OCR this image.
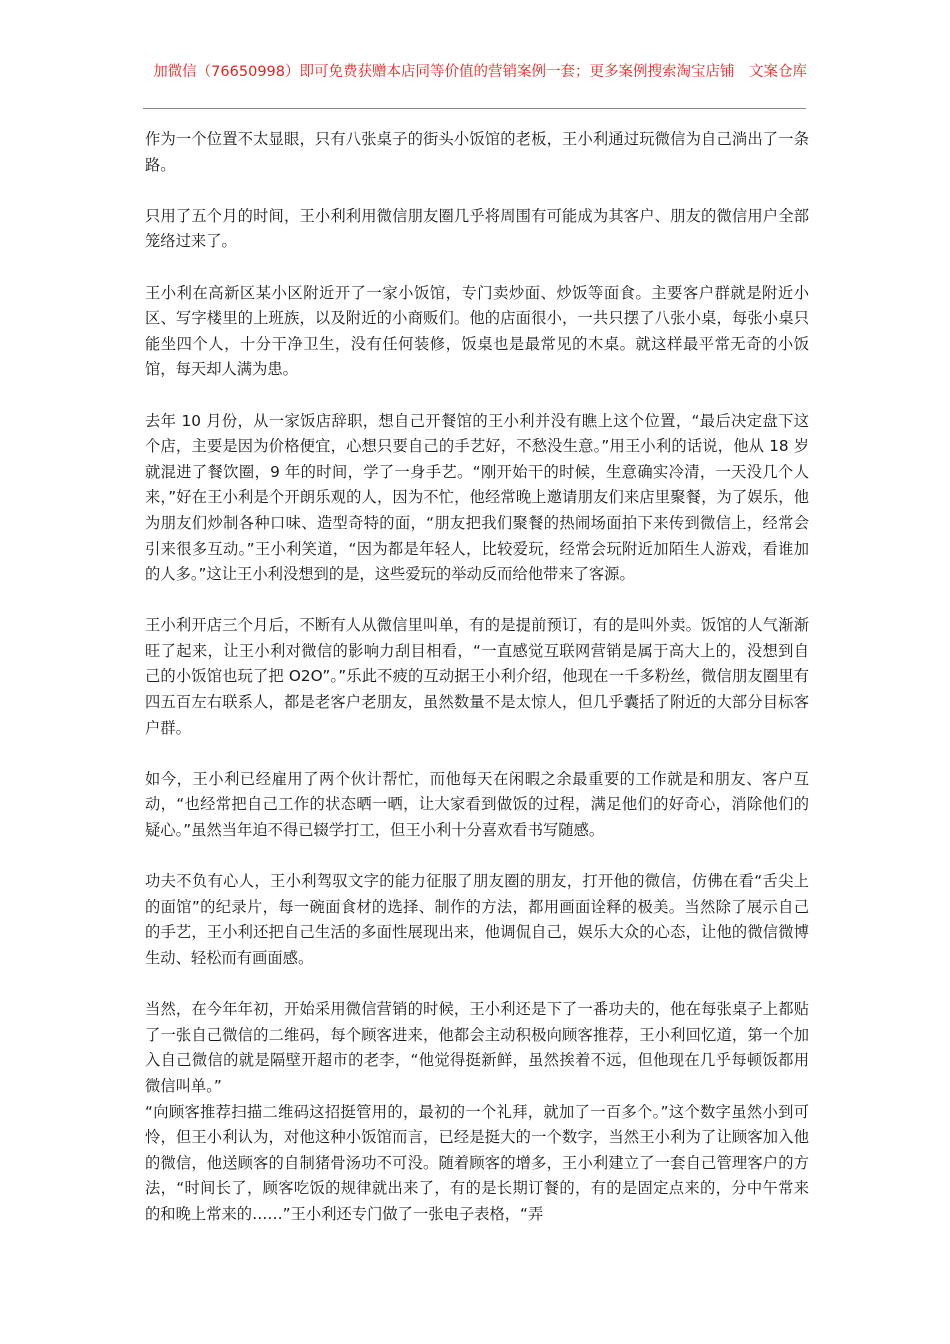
加微信（76650998）即可免费获赠本店同等价值的营销案例一套；更多案例搜索淘宝店铺　文案仓库

作为一个位置不太显眼，只有八张桌子的街头小饭馆的老板，王小利通过玩微信为自己淌出了一条路。

只用了五个月的时间，王小利利用微信朋友圈几乎将周围有可能成为其客户、朋友的微信用户全部笼络过来了。

王小利在高新区某小区附近开了一家小饭馆，专门卖炒面、炒饭等面食。主要客户群就是附近小区、写字楼里的上班族，以及附近的小商贩们。他的店面很小，一共只摆了八张小桌，每张小桌只能坐四个人，十分干净卫生，没有任何装修，饭桌也是最常见的木桌。就这样最平常无奇的小饭馆，每天却人满为患。

去年 10 月份，从一家饭店辞职，想自己开餐馆的王小利并没有瞧上这个位置，“最后决定盘下这个店，主要是因为价格便宜，心想只要自己的手艺好，不愁没生意。”用王小利的话说，他从 18 岁就混进了餐饮圈，9 年的时间，学了一身手艺。“刚开始干的时候，生意确实冷清，一天没几个人来，”好在王小利是个开朗乐观的人，因为不忙，他经常晚上邀请朋友们来店里聚餐，为了娱乐，他为朋友们炒制各种口味、造型奇特的面，“朋友把我们聚餐的热闹场面拍下来传到微信上，经常会引来很多互动。”王小利笑道，“因为都是年轻人，比较爱玩，经常会玩附近加陌生人游戏，看谁加的人多。”这让王小利没想到的是，这些爱玩的举动反而给他带来了客源。

王小利开店三个月后，不断有人从微信里叫单，有的是提前预订，有的是叫外卖。饭馆的人气渐渐旺了起来，让王小利对微信的影响力刮目相看，“一直感觉互联网营销是属于高大上的，没想到自己的小饭馆也玩了把 O2O”。”乐此不疲的互动据王小利介绍，他现在一千多粉丝，微信朋友圈里有四五百左右联系人，都是老客户老朋友，虽然数量不是太惊人，但几乎囊括了附近的大部分目标客户群。

如今，王小利已经雇用了两个伙计帮忙，而他每天在闲暇之余最重要的工作就是和朋友、客户互动，“也经常把自己工作的状态晒一晒，让大家看到做饭的过程，满足他们的好奇心，消除他们的疑心。”虽然当年迫不得已辍学打工，但王小利十分喜欢看书写随感。

功夫不负有心人，王小利驾驭文字的能力征服了朋友圈的朋友，打开他的微信，仿佛在看“舌尖上的面馆”的纪录片，每一碗面食材的选择、制作的方法，都用画面诠释的极美。当然除了展示自己的手艺，王小利还把自己生活的多面性展现出来，他调侃自己，娱乐大众的心态，让他的微信微博生动、轻松而有画面感。

当然，在今年年初，开始采用微信营销的时候，王小利还是下了一番功夫的，他在每张桌子上都贴了一张自己微信的二维码，每个顾客进来，他都会主动积极向顾客推荐，王小利回忆道，第一个加入自己微信的就是隔壁开超市的老李，“他觉得挺新鲜，虽然挨着不远，但他现在几乎每顿饭都用微信叫单。”

“向顾客推荐扫描二维码这招挺管用的，最初的一个礼拜，就加了一百多个。”这个数字虽然小到可怜，但王小利认为，对他这种小饭馆而言，已经是挺大的一个数字，当然王小利为了让顾客加入他的微信，他送顾客的自制猪骨汤功不可没。随着顾客的增多，王小利建立了一套自己管理客户的方法，“时间长了，顾客吃饭的规律就出来了，有的是长期订餐的，有的是固定点来的，分中午常来的和晚上常来的……”王小利还专门做了一张电子表格，“弄
